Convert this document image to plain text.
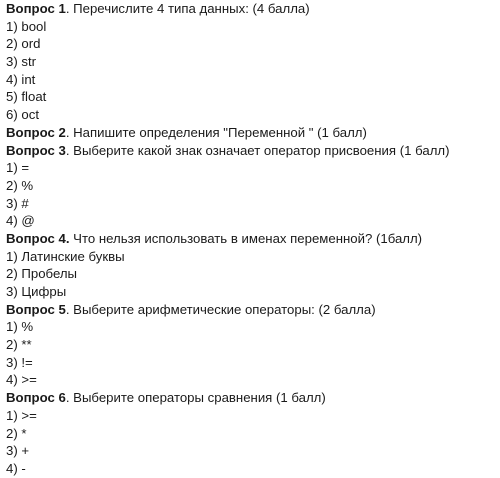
Вопрос 1. Перечислите 4 типа данных: (4 балла)
1) bool
2) ord
3) str
4) int
5) float
6) oct
Вопрос 2. Напишите определения "Переменной " (1 балл)
Вопрос 3. Выберите какой знак означает оператор присвоения (1 балл)
1) =
2) %
3) #
4) @
Вопрос 4. Что нельзя использовать в именах переменной? (1балл)
1) Латинские буквы
2) Пробелы
3) Цифры
Вопрос 5. Выберите арифметические операторы: (2 балла)
1) %
2) **
3) !=
4) >=
Вопрос 6. Выберите операторы сравнения (1 балл)
1) >=
2) *
3) +
4) -
